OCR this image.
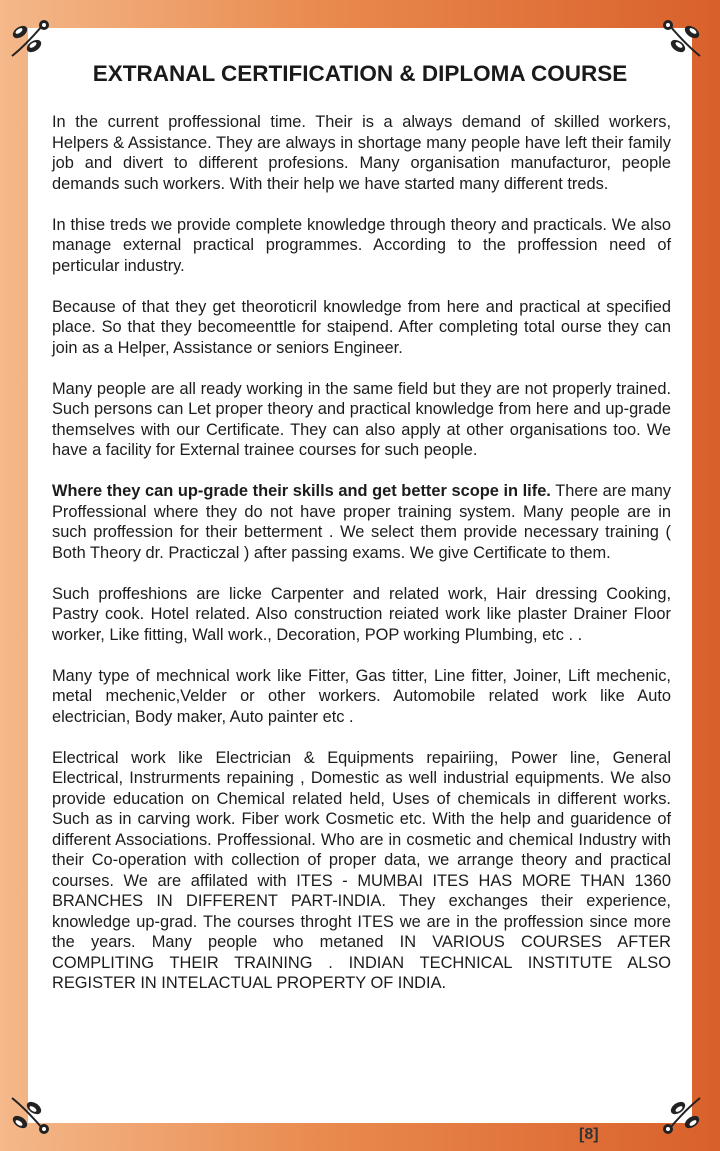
EXTRANAL CERTIFICATION & DIPLOMA COURSE

In the current proffessional time. Their is a always demand of skilled workers, Helpers & Assistance. They are always in shortage many people have left their family job and divert to different profesions. Many organisation manufacturor, people demands such workers. With their help we have started many different treds.

In thise treds we provide complete knowledge through theory and practicals. We also manage external practical programmes. According to the proffession need of perticular industry.

Because of that they get theoroticril knowledge from here and practical at specified place. So that they becomeenttle for staipend. After completing total ourse they can join as a Helper, Assistance or seniors Engineer.

Many people are all ready working in the same field but they are not properly trained. Such persons can Let proper theory and practical knowledge from here and up-grade themselves with our Certificate. They can also apply at other organisations too. We have a facility for External trainee courses for such people.

Where they can up-grade their skills and get better scope in life. There are many Proffessional where they do not have proper training system. Many people are in such proffession for their betterment . We select them provide necessary training ( Both Theory dr. Practiczal ) after passing exams. We give Certificate to them.

Such proffeshions are licke Carpenter and related work, Hair dressing Cooking, Pastry cook. Hotel related. Also construction reiated work like plaster Drainer Floor worker, Like fitting, Wall work., Decoration, POP working Plumbing, etc . .

Many type of mechnical work like Fitter, Gas titter, Line fitter, Joiner, Lift mechenic, metal mechenic,Velder or other workers. Automobile related work like Auto electrician, Body maker, Auto painter etc .

Electrical work like Electrician & Equipments repairiing, Power line, General Electrical, Instrurments repaining , Domestic as well industrial equipments. We also provide education on Chemical related held, Uses of chemicals in different works. Such as in carving work. Fiber work Cosmetic etc. With the help and guaridence of different Associations. Proffessional. Who are in cosmetic and chemical Industry with their Co-operation with collection of proper data, we arrange theory and practical courses. We are affilated with ITES - MUMBAI ITES HAS MORE THAN 1360 BRANCHES IN DIFFERENT PART-INDIA. They exchanges their experience, knowledge up-grad. The courses throght ITES we are in the proffession since more the years. Many people who metaned IN VARIOUS COURSES AFTER COMPLITING THEIR TRAINING . INDIAN TECHNICAL INSTITUTE ALSO REGISTER IN INTELACTUAL PROPERTY OF INDIA.

[8]
